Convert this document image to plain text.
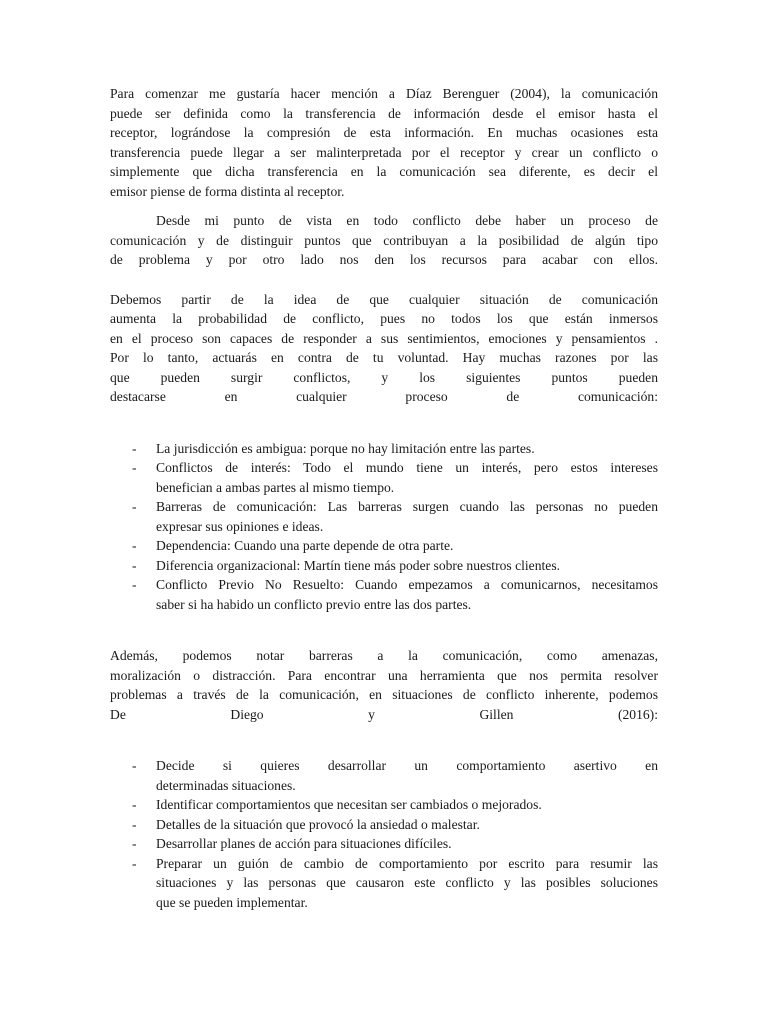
Para comenzar me gustaría hacer mención a Díaz Berenguer (2004), la comunicación
puede ser definida como la transferencia de información desde el emisor hasta el
receptor, lográndose la compresión de esta información. En muchas ocasiones esta
transferencia puede llegar a ser malinterpretada por el receptor y crear un conflicto o
simplemente que dicha transferencia en la comunicación sea diferente, es decir el
emisor piense de forma distinta al receptor.

Desde mi punto de vista en todo conflicto debe haber un proceso de
comunicación y de distinguir puntos que contribuyan a la posibilidad de algún tipo
de problema y por otro lado nos den los recursos para acabar con ellos.

Debemos partir de la idea de que cualquier situación de comunicación
aumenta la probabilidad de conflicto, pues no todos los que están inmersos
en el proceso son capaces de responder a sus sentimientos, emociones y pensamientos .
Por lo tanto, actuarás en contra de tu voluntad. Hay muchas razones por las
que pueden surgir conflictos, y los siguientes puntos pueden
destacarse en cualquier proceso de comunicación:

- La jurisdicción es ambigua: porque no hay limitación entre las partes.
- Conflictos de interés: Todo el mundo tiene un interés, pero estos intereses
benefician a ambas partes al mismo tiempo.
- Barreras de comunicación: Las barreras surgen cuando las personas no pueden
expresar sus opiniones e ideas.
- Dependencia: Cuando una parte depende de otra parte.
- Diferencia organizacional: Martín tiene más poder sobre nuestros clientes.
- Conflicto Previo No Resuelto: Cuando empezamos a comunicarnos, necesitamos
saber si ha habido un conflicto previo entre las dos partes.

Además, podemos notar barreras a la comunicación, como amenazas,
moralización o distracción. Para encontrar una herramienta que nos permita resolver
problemas a través de la comunicación, en situaciones de conflicto inherente, podemos
De Diego y Gillen (2016):

- Decide si quieres desarrollar un comportamiento asertivo en
determinadas situaciones.
- Identificar comportamientos que necesitan ser cambiados o mejorados.
- Detalles de la situación que provocó la ansiedad o malestar.
- Desarrollar planes de acción para situaciones difíciles.
- Preparar un guión de cambio de comportamiento por escrito para resumir las
situaciones y las personas que causaron este conflicto y las posibles soluciones
que se pueden implementar.
